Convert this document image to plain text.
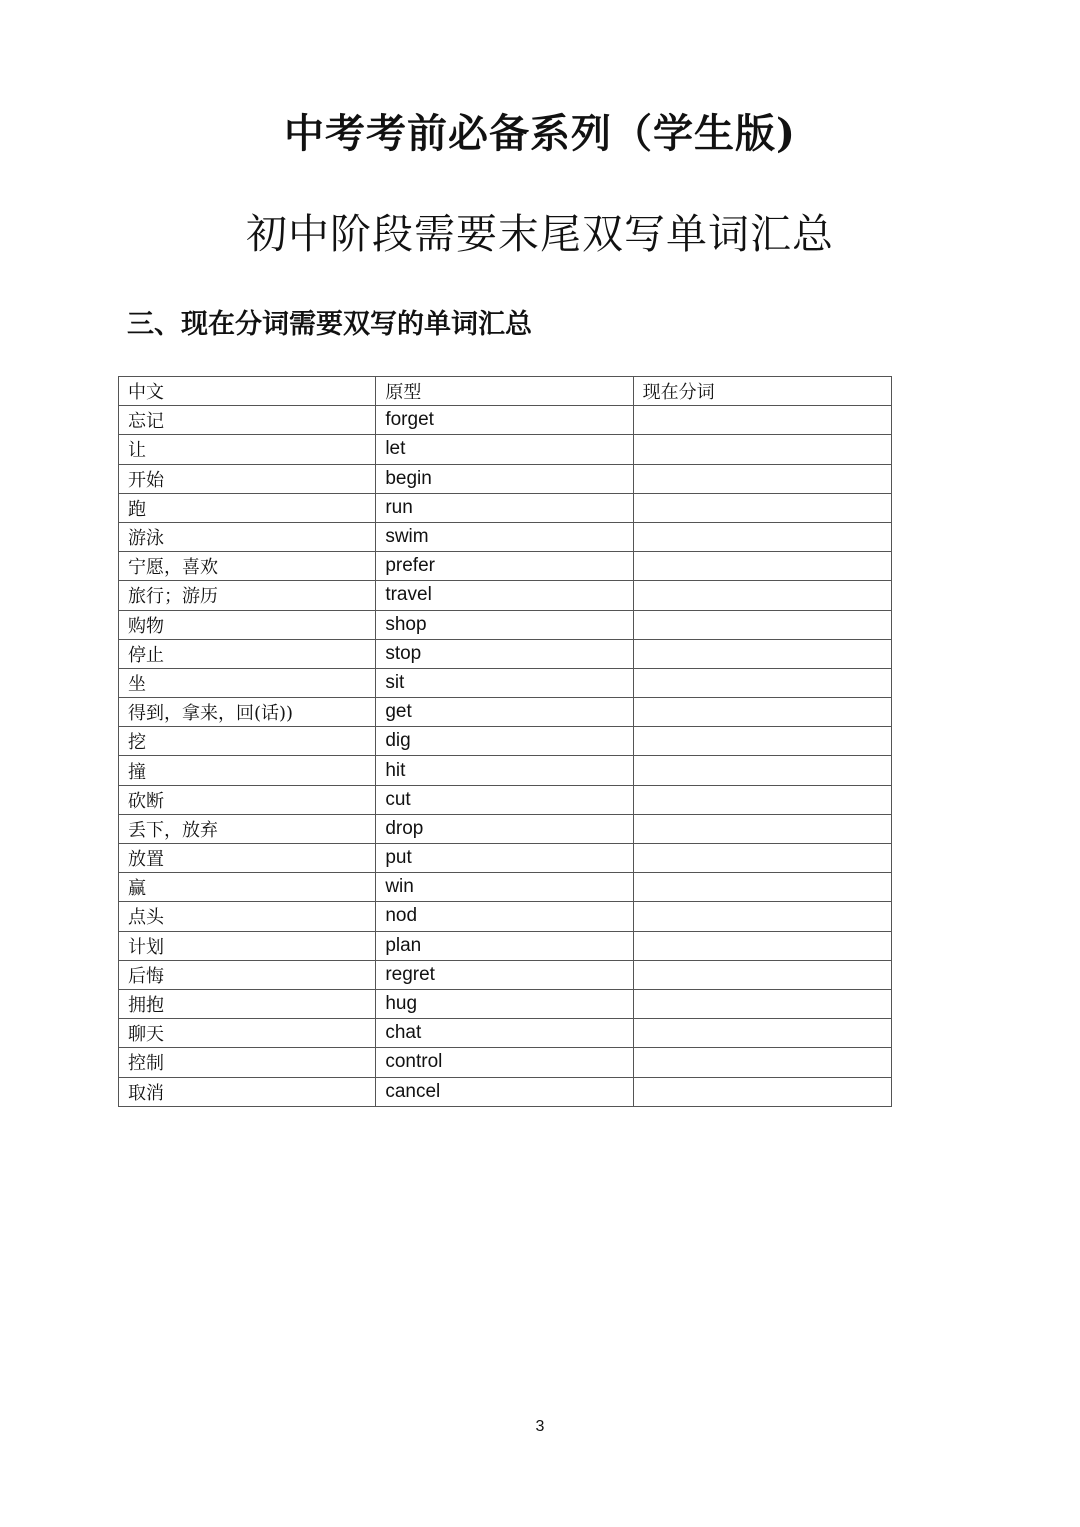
中考考前必备系列（学生版)
初中阶段需要末尾双写单词汇总
三、现在分词需要双写的单词汇总
中文	原型	现在分词
忘记	forget	
让	let	
开始	begin	
跑	run	
游泳	swim	
宁愿，喜欢	prefer	
旅行；游历	travel	
购物	shop	
停止	stop	
坐	sit	
得到，拿来，回(话))	get	
挖	dig	
撞	hit	
砍断	cut	
丢下，放弃	drop	
放置	put	
赢	win	
点头	nod	
计划	plan	
后悔	regret	
拥抱	hug	
聊天	chat	
控制	control	
取消	cancel	
3
